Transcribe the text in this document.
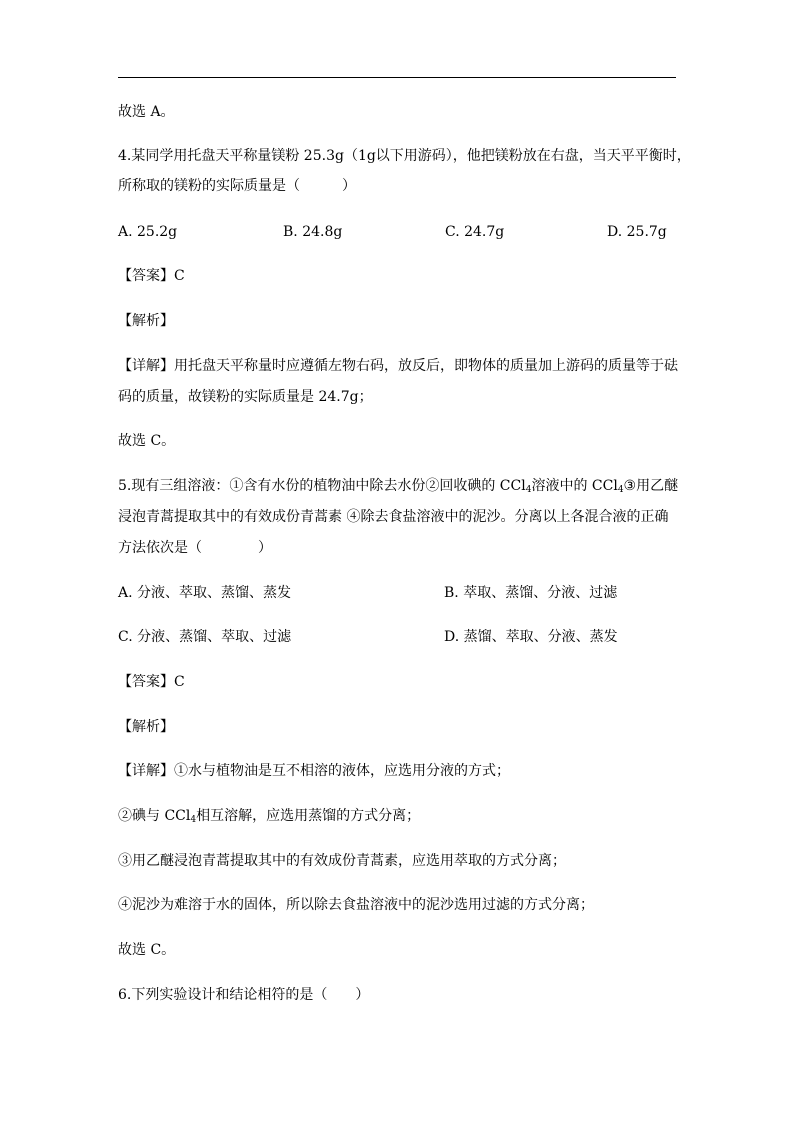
故选 A。
4.某同学用托盘天平称量镁粉 25.3g（1g以下用游码），他把镁粉放在右盘，当天平平衡时，
所称取的镁粉的实际质量是（　　　）
A. 25.2g	B. 24.8g	C. 24.7g	D. 25.7g
【答案】C
【解析】
【详解】用托盘天平称量时应遵循左物右码，放反后，即物体的质量加上游码的质量等于砝
码的质量，故镁粉的实际质量是 24.7g；
故选 C。
5.现有三组溶液：①含有水份的植物油中除去水份②回收碘的 CCl$_4$溶液中的 CCl$_4$③用乙醚
浸泡青蒿提取其中的有效成份青蒿素 ④除去食盐溶液中的泥沙。分离以上各混合液的正确
方法依次是（　　　　）
A. 分液、萃取、蒸馏、蒸发	B. 萃取、蒸馏、分液、过滤
C. 分液、蒸馏、萃取、过滤	D. 蒸馏、萃取、分液、蒸发
【答案】C
【解析】
【详解】①水与植物油是互不相溶的液体，应选用分液的方式；
②碘与 CCl$_4$相互溶解，应选用蒸馏的方式分离；
③用乙醚浸泡青蒿提取其中的有效成份青蒿素，应选用萃取的方式分离；
④泥沙为难溶于水的固体，所以除去食盐溶液中的泥沙选用过滤的方式分离；
故选 C。
6.下列实验设计和结论相符的是（　　）
